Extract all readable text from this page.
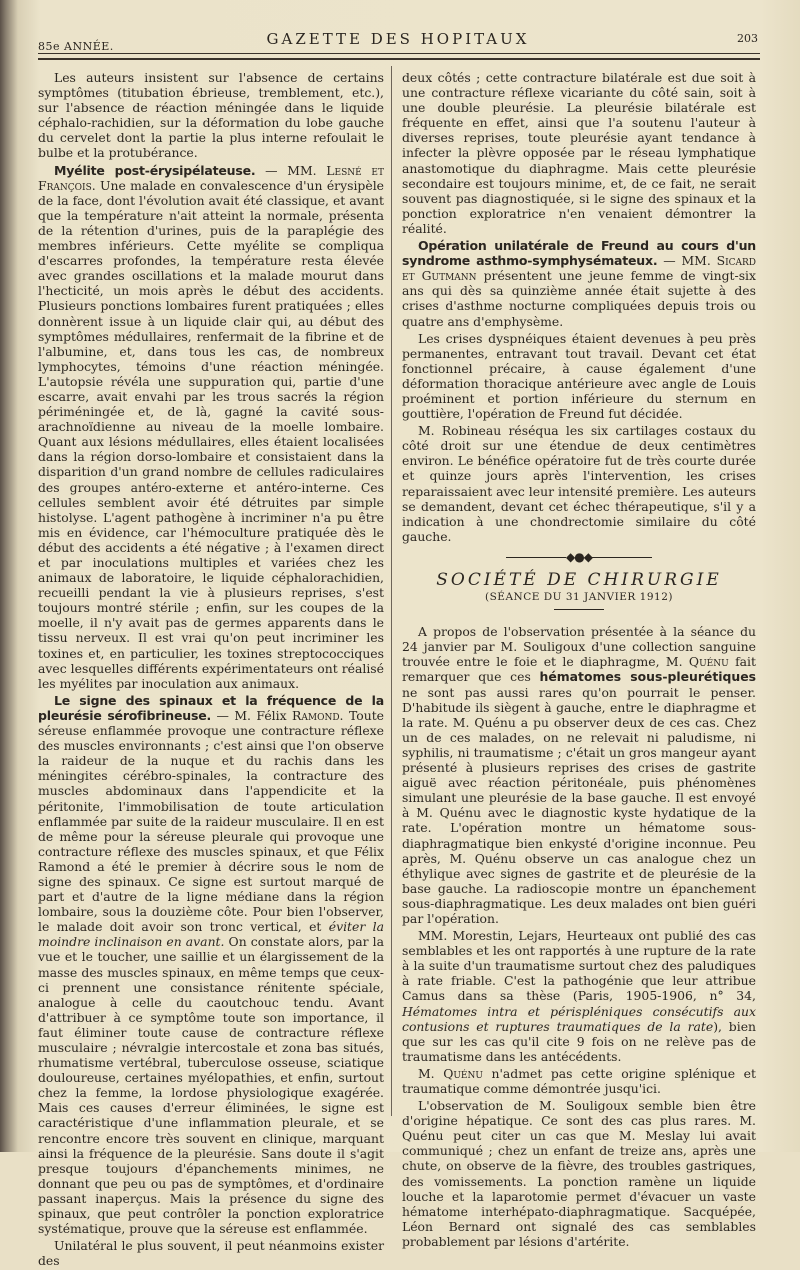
85e ANNÉE.	GAZETTE DES HOPITAUX	203

Les auteurs insistent sur l'absence de certains symptômes (titubation ébrieuse, tremblement, etc.), sur l'absence de réaction méningée dans le liquide céphalo-rachidien, sur la déformation du lobe gauche du cervelet dont la partie la plus interne refoulait le bulbe et la protubérance.

Myélite post-érysipélateuse. — MM. Lesné et François. Une malade en convalescence d'un érysipèle de la face, dont l'évolution avait été classique, et avant que la température n'ait atteint la normale, présenta de la rétention d'urines, puis de la paraplégie des membres inférieurs. Cette myélite se compliqua d'escarres profondes, la température resta élevée avec grandes oscillations et la malade mourut dans l'hecticité, un mois après le début des accidents. Plusieurs ponctions lombaires furent pratiquées ; elles donnèrent issue à un liquide clair qui, au début des symptômes médullaires, renfermait de la fibrine et de l'albumine, et, dans tous les cas, de nombreux lymphocytes, témoins d'une réaction méningée. L'autopsie révéla une suppuration qui, partie d'une escarre, avait envahi par les trous sacrés la région périméningée et, de là, gagné la cavité sous-arachnoïdienne au niveau de la moelle lombaire. Quant aux lésions médullaires, elles étaient localisées dans la région dorso-lombaire et consistaient dans la disparition d'un grand nombre de cellules radiculaires des groupes antéro-externe et antéro-interne. Ces cellules semblent avoir été détruites par simple histolyse. L'agent pathogène à incriminer n'a pu être mis en évidence, car l'hémoculture pratiquée dès le début des accidents a été négative ; à l'examen direct et par inoculations multiples et variées chez les animaux de laboratoire, le liquide céphalorachidien, recueilli pendant la vie à plusieurs reprises, s'est toujours montré stérile ; enfin, sur les coupes de la moelle, il n'y avait pas de germes apparents dans le tissu nerveux. Il est vrai qu'on peut incriminer les toxines et, en particulier, les toxines streptococciques avec lesquelles différents expérimentateurs ont réalisé les myélites par inoculation aux animaux.

Le signe des spinaux et la fréquence de la pleurésie sérofibrineuse. — M. Félix Ramond. Toute séreuse enflammée provoque une contracture réflexe des muscles environnants ; c'est ainsi que l'on observe la raideur de la nuque et du rachis dans les méningites cérébro-spinales, la contracture des muscles abdominaux dans l'appendicite et la péritonite, l'immobilisation de toute articulation enflammée par suite de la raideur musculaire. Il en est de même pour la séreuse pleurale qui provoque une contracture réflexe des muscles spinaux, et que Félix Ramond a été le premier à décrire sous le nom de signe des spinaux. Ce signe est surtout marqué de part et d'autre de la ligne médiane dans la région lombaire, sous la douzième côte. Pour bien l'observer, le malade doit avoir son tronc vertical, et éviter la moindre inclinaison en avant. On constate alors, par la vue et le toucher, une saillie et un élargissement de la masse des muscles spinaux, en même temps que ceux-ci prennent une consistance rénitente spéciale, analogue à celle du caoutchouc tendu. Avant d'attribuer à ce symptôme toute son importance, il faut éliminer toute cause de contracture réflexe musculaire ; névralgie intercostale et zona bas situés, rhumatisme vertébral, tuberculose osseuse, sciatique douloureuse, certaines myélopathies, et enfin, surtout chez la femme, la lordose physiologique exagérée. Mais ces causes d'erreur éliminées, le signe est caractéristique d'une inflammation pleurale, et se rencontre encore très souvent en clinique, marquant ainsi la fréquence de la pleurésie. Sans doute il s'agit presque toujours d'épanchements minimes, ne donnant que peu ou pas de symptômes, et d'ordinaire passant inaperçus. Mais la présence du signe des spinaux, que peut contrôler la ponction exploratrice systématique, prouve que la séreuse est enflammée.

Unilatéral le plus souvent, il peut néanmoins exister des

deux côtés ; cette contracture bilatérale est due soit à une contracture réflexe vicariante du côté sain, soit à une double pleurésie. La pleurésie bilatérale est fréquente en effet, ainsi que l'a soutenu l'auteur à diverses reprises, toute pleurésie ayant tendance à infecter la plèvre opposée par le réseau lymphatique anastomotique du diaphragme. Mais cette pleurésie secondaire est toujours minime, et, de ce fait, ne serait souvent pas diagnostiquée, si le signe des spinaux et la ponction exploratrice n'en venaient démontrer la réalité.

Opération unilatérale de Freund au cours d'un syndrome asthmo-symphysémateux. — MM. Sicard et Gutmann présentent une jeune femme de vingt-six ans qui dès sa quinzième année était sujette à des crises d'asthme nocturne compliquées depuis trois ou quatre ans d'emphysème.

Les crises dyspnéiques étaient devenues à peu près permanentes, entravant tout travail. Devant cet état fonctionnel précaire, à cause également d'une déformation thoracique antérieure avec angle de Louis proéminent et portion inférieure du sternum en gouttière, l'opération de Freund fut décidée.

M. Robineau réséqua les six cartilages costaux du côté droit sur une étendue de deux centimètres environ. Le bénéfice opératoire fut de très courte durée et quinze jours après l'intervention, les crises reparaissaient avec leur intensité première. Les auteurs se demandent, devant cet échec thérapeutique, s'il y a indication à une chondrectomie similaire du côté gauche.

◆●◆
SOCIÉTÉ DE CHIRURGIE
(SÉANCE DU 31 JANVIER 1912)

A propos de l'observation présentée à la séance du 24 janvier par M. Souligoux d'une collection sanguine trouvée entre le foie et le diaphragme, M. Quénu fait remarquer que ces hématomes sous-pleurétiques ne sont pas aussi rares qu'on pourrait le penser. D'habitude ils siègent à gauche, entre le diaphragme et la rate. M. Quénu a pu observer deux de ces cas. Chez un de ces malades, on ne relevait ni paludisme, ni syphilis, ni traumatisme ; c'était un gros mangeur ayant présenté à plusieurs reprises des crises de gastrite aiguë avec réaction péritonéale, puis phénomènes simulant une pleurésie de la base gauche. Il est envoyé à M. Quénu avec le diagnostic kyste hydatique de la rate. L'opération montre un hématome sous-diaphragmatique bien enkysté d'origine inconnue. Peu après, M. Quénu observe un cas analogue chez un éthylique avec signes de gastrite et de pleurésie de la base gauche. La radioscopie montre un épanchement sous-diaphragmatique. Les deux malades ont bien guéri par l'opération.

MM. Morestin, Lejars, Heurteaux ont publié des cas semblables et les ont rapportés à une rupture de la rate à la suite d'un traumatisme surtout chez des paludiques à rate friable. C'est la pathogénie que leur attribue Camus dans sa thèse (Paris, 1905-1906, n° 34, Hématomes intra et périspléniques consécutifs aux contusions et ruptures traumatiques de la rate), bien que sur les cas qu'il cite 9 fois on ne relève pas de traumatisme dans les antécédents.

M. Quénu n'admet pas cette origine splénique et traumatique comme démontrée jusqu'ici.

L'observation de M. Souligoux semble bien être d'origine hépatique. Ce sont des cas plus rares. M. Quénu peut citer un cas que M. Meslay lui avait communiqué ; chez un enfant de treize ans, après une chute, on observe de la fièvre, des troubles gastriques, des vomissements. La ponction ramène un liquide louche et la laparotomie permet d'évacuer un vaste hématome interhépato-diaphragmatique. Sacquépée, Léon Bernard ont signalé des cas semblables probablement par lésions d'artérite.
